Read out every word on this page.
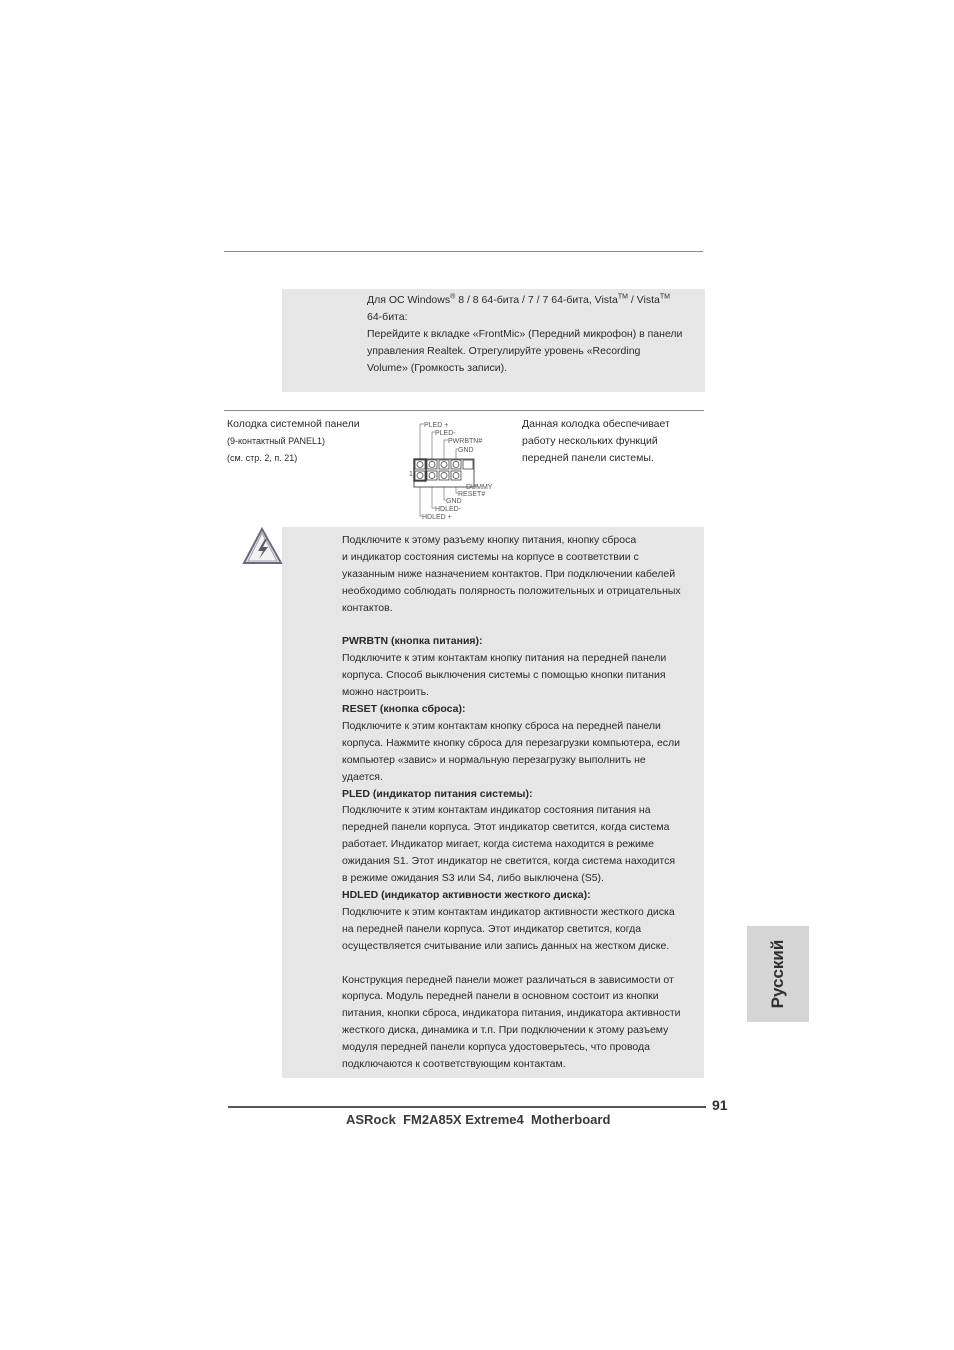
Для ОС Windows® 8 / 8 64-бита / 7 / 7 64-бита, Vista™ / Vista™
64-бита:
Перейдите к вкладке «FrontMic» (Передний микрофон) в панели
управления Realtek. Отрегулируйте уровень «Recording
Volume» (Громкость записи).
Колодка системной панели
(9-контактный PANEL1)
(см. стр. 2, п. 21)
Данная колодка обеспечивает
работу нескольких функций
передней панели системы.
1
PLED +
PLED-
PWRBTN#
GND
DUMMY
RESET#
GND
HDLED-
HDLED +
Подключите к этому разъему кнопку питания, кнопку сброса
и индикатор состояния системы на корпусе в соответствии с
указанным ниже назначением контактов. При подключении кабелей
необходимо соблюдать полярность положительных и отрицательных
контактов.
PWRBTN (кнопка питания):
Подключите к этим контактам кнопку питания на передней панели
корпуса. Способ выключения системы с помощью кнопки питания
можно настроить.
RESET (кнопка сброса):
Подключите к этим контактам кнопку сброса на передней панели
корпуса. Нажмите кнопку сброса для перезагрузки компьютера, если
компьютер «завис» и нормальную перезагрузку выполнить не
удается.
PLED (индикатор питания системы):
Подключите к этим контактам индикатор состояния питания на
передней панели корпуса. Этот индикатор светится, когда система
работает. Индикатор мигает, когда система находится в режиме
ожидания S1. Этот индикатор не светится, когда система находится
в режиме ожидания S3 или S4, либо выключена (S5).
HDLED (индикатор активности жесткого диска):
Подключите к этим контактам индикатор активности жесткого диска
на передней панели корпуса. Этот индикатор светится, когда
осуществляется считывание или запись данных на жестком диске.
Конструкция передней панели может различаться в зависимости от
корпуса. Модуль передней панели в основном состоит из кнопки
питания, кнопки сброса, индикатора питания, индикатора активности
жесткого диска, динамика и т.п. При подключении к этому разъему
модуля передней панели корпуса удостоверьтесь, что провода
подключаются к соответствующим контактам.
Русский
91
ASRock  FM2A85X Extreme4  Motherboard
